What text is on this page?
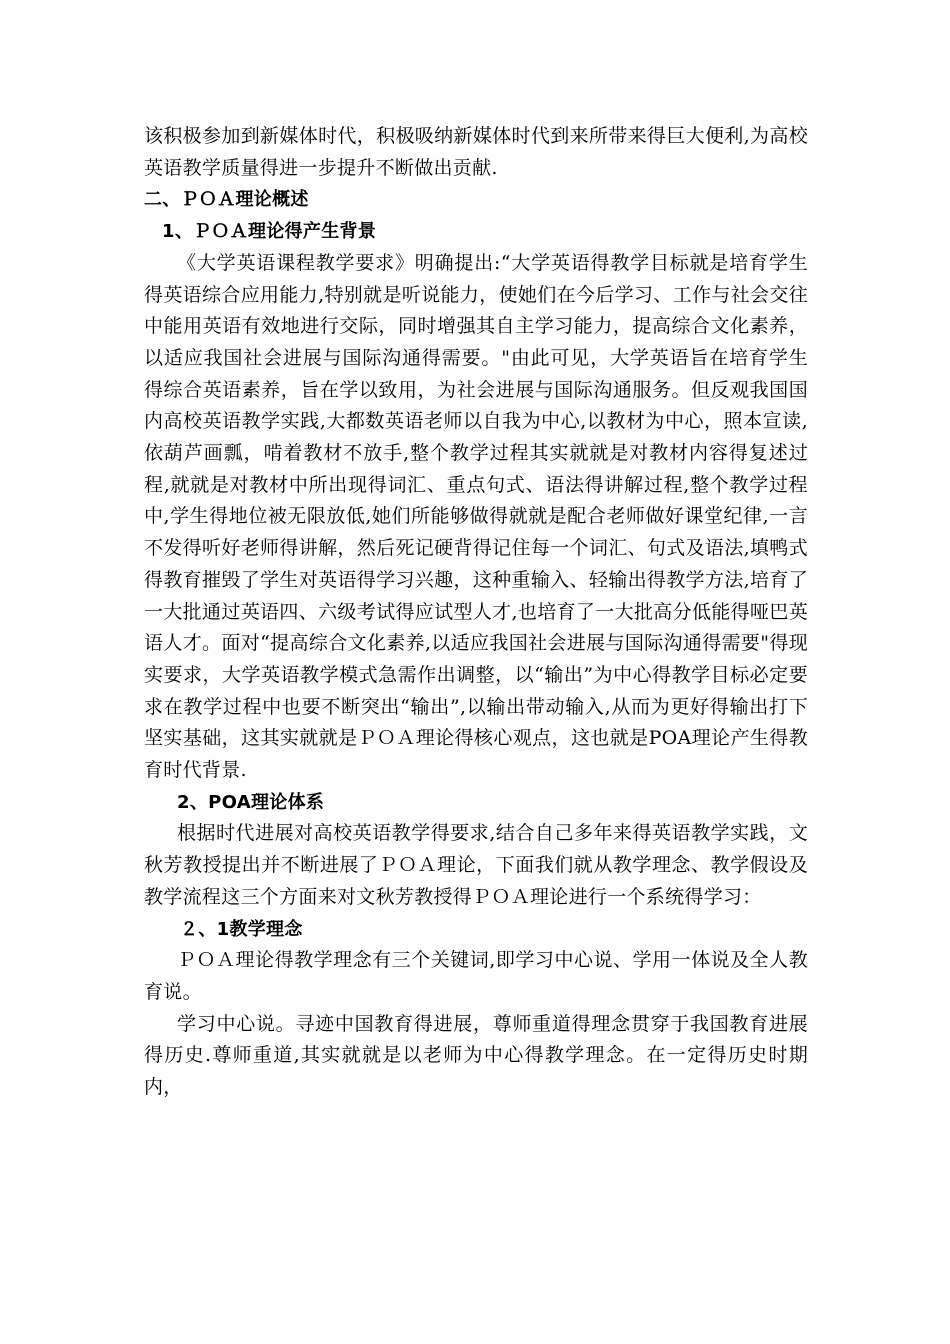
该积极参加到新媒体时代，积极吸纳新媒体时代到来所带来得巨大便利,为高校英语教学质量得进一步提升不断做出贡献.

二、ＰＯＡ理论概述

1、ＰＯＡ理论得产生背景

《大学英语课程教学要求》明确提出:“大学英语得教学目标就是培育学生得英语综合应用能力,特别就是听说能力，使她们在今后学习、工作与社会交往中能用英语有效地进行交际，同时增强其自主学习能力，提高综合文化素养，以适应我国社会进展与国际沟通得需要。"由此可见，大学英语旨在培育学生得综合英语素养，旨在学以致用，为社会进展与国际沟通服务。但反观我国国内高校英语教学实践,大都数英语老师以自我为中心,以教材为中心，照本宣读,依葫芦画瓢，啃着教材不放手,整个教学过程其实就就是对教材内容得复述过程,就就是对教材中所出现得词汇、重点句式、语法得讲解过程,整个教学过程中,学生得地位被无限放低,她们所能够做得就就是配合老师做好课堂纪律,一言不发得听好老师得讲解，然后死记硬背得记住每一个词汇、句式及语法,填鸭式得教育摧毁了学生对英语得学习兴趣，这种重输入、轻输出得教学方法,培育了一大批通过英语四、六级考试得应试型人才,也培育了一大批高分低能得哑巴英语人才。面对“提高综合文化素养,以适应我国社会进展与国际沟通得需要"得现实要求，大学英语教学模式急需作出调整，以“输出”为中心得教学目标必定要求在教学过程中也要不断突出“输出”,以输出带动输入,从而为更好得输出打下坚实基础，这其实就就是ＰＯＡ理论得核心观点，这也就是POA理论产生得教育时代背景.

2、POA理论体系

根据时代进展对高校英语教学得要求,结合自己多年来得英语教学实践，文秋芳教授提出并不断进展了ＰＯＡ理论，下面我们就从教学理念、教学假设及教学流程这三个方面来对文秋芳教授得ＰＯＡ理论进行一个系统得学习：

２、1教学理念

ＰＯＡ理论得教学理念有三个关键词,即学习中心说、学用一体说及全人教育说。

学习中心说。寻迹中国教育得进展，尊师重道得理念贯穿于我国教育进展得历史.尊师重道,其实就就是以老师为中心得教学理念。在一定得历史时期内，
